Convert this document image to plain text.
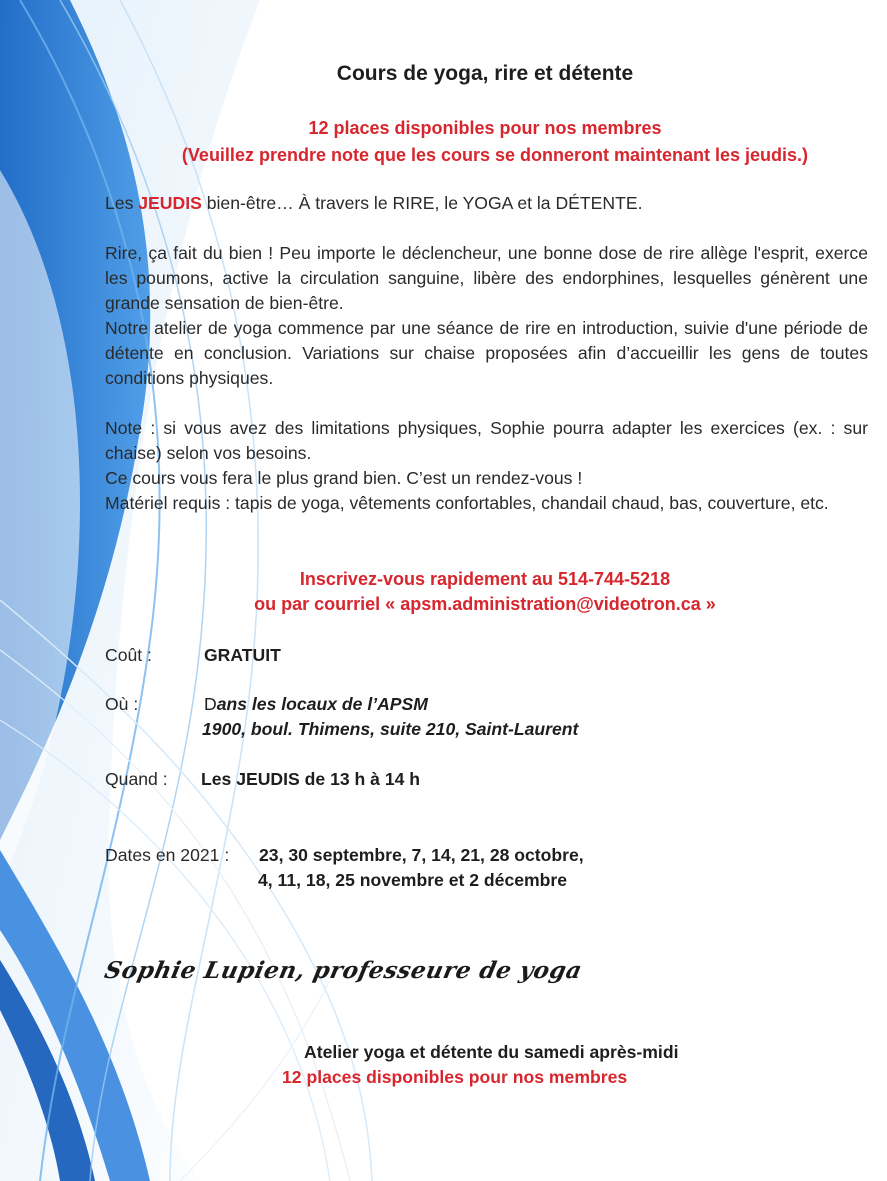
Cours de yoga, rire et détente
12 places disponibles pour nos membres
(Veuillez prendre note que les cours se donneront maintenant les jeudis.)
Les JEUDIS bien-être… À travers le RIRE, le YOGA et la DÉTENTE.

Rire, ça fait du bien ! Peu importe le déclencheur, une bonne dose de rire allège l'esprit, exerce les poumons, active la circulation sanguine, libère des endorphines, lesquelles génèrent une grande sensation de bien-être.

Notre atelier de yoga commence par une séance de rire en introduction, suivie d'une période de détente en conclusion. Variations sur chaise proposées afin d’accueillir les gens de toutes conditions physiques.

Note : si vous avez des limitations physiques, Sophie pourra adapter les exercices (ex. : sur chaise) selon vos besoins.

Ce cours vous fera le plus grand bien. C’est un rendez-vous !

Matériel requis : tapis de yoga, vêtements confortables, chandail chaud, bas, couverture, etc.

Inscrivez-vous rapidement au 514-744-5218
ou par courriel « apsm.administration@videotron.ca »
Coût :	GRATUIT
Où :	Dans les locaux de l’APSM
1900, boul. Thimens, suite 210, Saint-Laurent
Quand : Les JEUDIS de 13 h à 14 h
Dates en 2021 : 23, 30 septembre, 7, 14, 21, 28 octobre,
4, 11, 18, 25 novembre et 2 décembre
Sophie Lupien, professeure de yoga
Atelier yoga et détente du samedi après-midi
12 places disponibles pour nos membres
